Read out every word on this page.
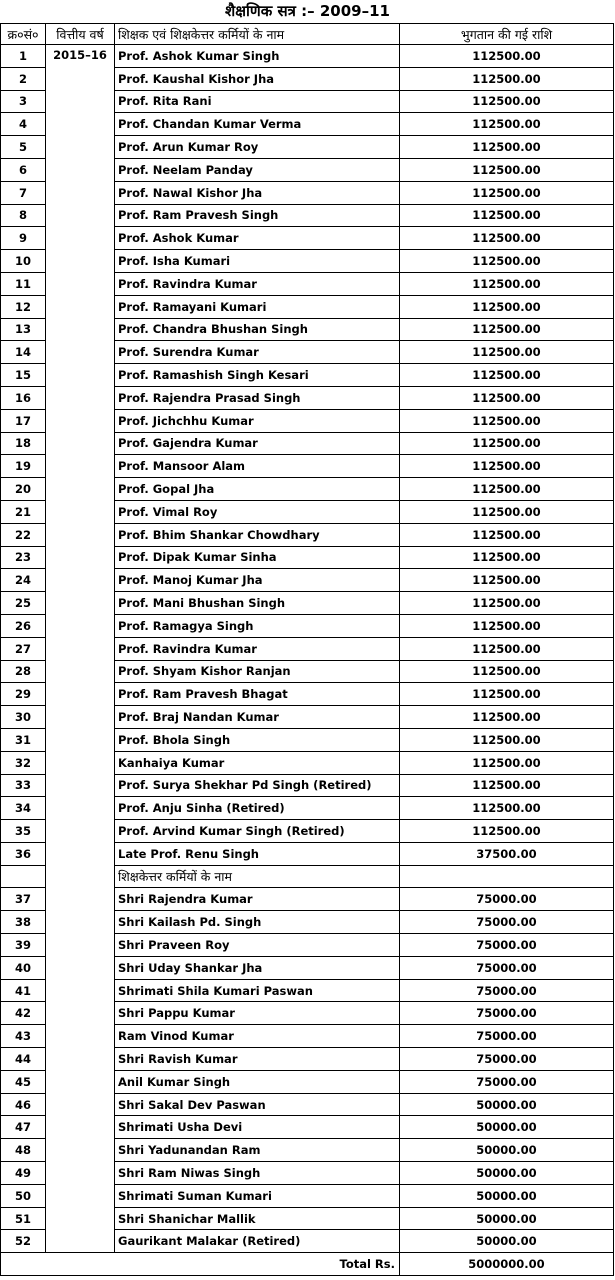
शैक्षणिक सत्र :– 2009–11
क्र०सं०	वित्तीय वर्ष	शिक्षक एवं शिक्षकेत्तर कर्मियों के नाम	भुगतान की गई राशि
1	2015–16	Prof. Ashok Kumar Singh	112500.00
2		Prof. Kaushal Kishor Jha	112500.00
3		Prof. Rita Rani	112500.00
4		Prof. Chandan Kumar Verma	112500.00
5		Prof. Arun Kumar Roy	112500.00
6		Prof. Neelam Panday	112500.00
7		Prof. Nawal Kishor Jha	112500.00
8		Prof. Ram Pravesh Singh	112500.00
9		Prof. Ashok Kumar	112500.00
10		Prof. Isha Kumari	112500.00
11		Prof. Ravindra Kumar	112500.00
12		Prof. Ramayani Kumari	112500.00
13		Prof. Chandra Bhushan Singh	112500.00
14		Prof. Surendra Kumar	112500.00
15		Prof. Ramashish Singh Kesari	112500.00
16		Prof. Rajendra Prasad Singh	112500.00
17		Prof. Jichchhu Kumar	112500.00
18		Prof. Gajendra Kumar	112500.00
19		Prof. Mansoor Alam	112500.00
20		Prof. Gopal Jha	112500.00
21		Prof. Vimal Roy	112500.00
22		Prof. Bhim Shankar Chowdhary	112500.00
23		Prof. Dipak Kumar Sinha	112500.00
24		Prof. Manoj Kumar Jha	112500.00
25		Prof. Mani Bhushan Singh	112500.00
26		Prof. Ramagya Singh	112500.00
27		Prof. Ravindra Kumar	112500.00
28		Prof. Shyam Kishor Ranjan	112500.00
29		Prof. Ram Pravesh Bhagat	112500.00
30		Prof. Braj Nandan Kumar	112500.00
31		Prof. Bhola Singh	112500.00
32		Kanhaiya Kumar	112500.00
33		Prof. Surya Shekhar Pd Singh (Retired)	112500.00
34		Prof. Anju Sinha (Retired)	112500.00
35		Prof. Arvind Kumar Singh (Retired)	112500.00
36		Late Prof. Renu Singh	37500.00
		शिक्षकेत्तर कर्मियों के नाम	
37		Shri Rajendra Kumar	75000.00
38		Shri Kailash Pd. Singh	75000.00
39		Shri Praveen Roy	75000.00
40		Shri Uday Shankar Jha	75000.00
41		Shrimati Shila Kumari Paswan	75000.00
42		Shri Pappu Kumar	75000.00
43		Ram Vinod Kumar	75000.00
44		Shri Ravish Kumar	75000.00
45		Anil Kumar Singh	75000.00
46		Shri Sakal Dev Paswan	50000.00
47		Shrimati Usha Devi	50000.00
48		Shri Yadunandan Ram	50000.00
49		Shri Ram Niwas Singh	50000.00
50		Shrimati Suman Kumari	50000.00
51		Shri Shanichar Mallik	50000.00
52		Gaurikant Malakar (Retired)	50000.00
		Total Rs.	5000000.00
